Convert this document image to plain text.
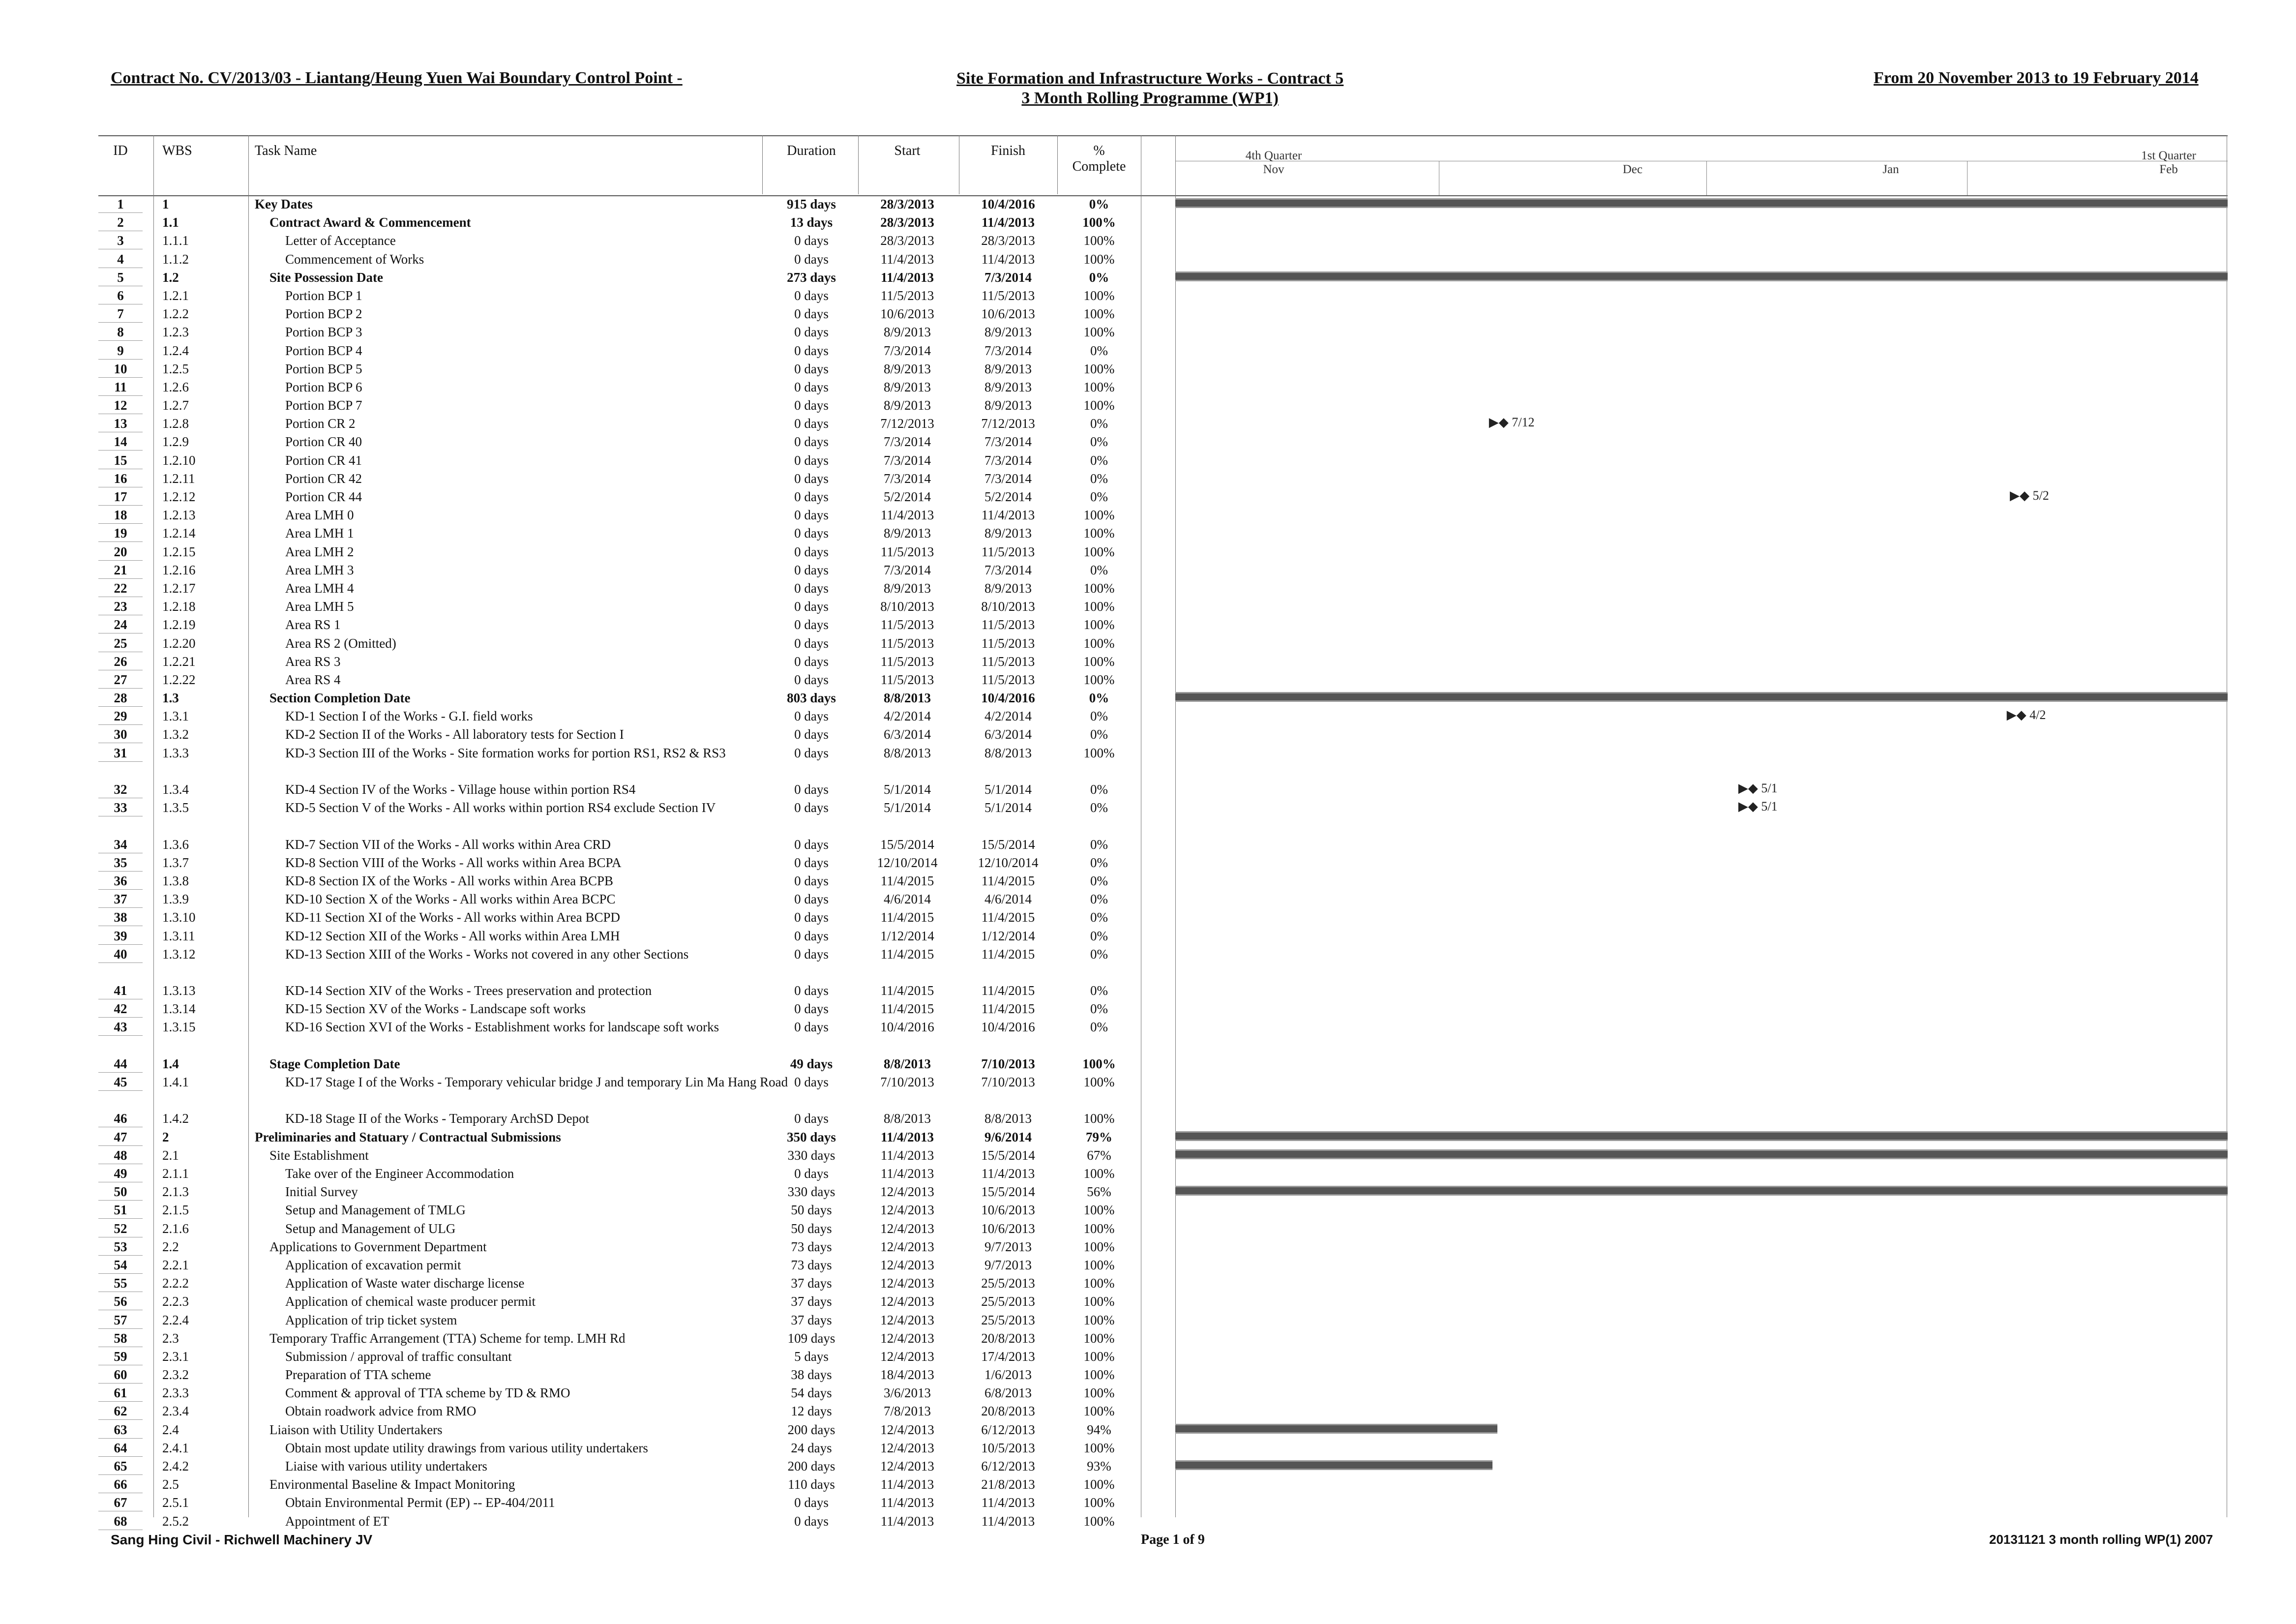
Contract No. CV/2013/03 - Liantang/Heung Yuen Wai Boundary Control Point -	Site Formation and Infrastructure Works - Contract 5
3 Month Rolling Programme (WP1)
From 20 November 2013 to 19 February 2014
ID	WBS	Task Name	Duration	Start	Finish	%
Complete
4th Quarter
Nov	Dec	Jan
1st Quarter
Feb
1	1	Key Dates	915 days	28/3/2013	10/4/2016	0%
2	1.1	Contract Award & Commencement	13 days	28/3/2013	11/4/2013	100%
3	1.1.1	Letter of Acceptance	0 days	28/3/2013	28/3/2013	100%
4	1.1.2	Commencement of Works	0 days	11/4/2013	11/4/2013	100%
5	1.2	Site Possession Date	273 days	11/4/2013	7/3/2014	0%
6	1.2.1	Portion BCP 1	0 days	11/5/2013	11/5/2013	100%
7	1.2.2	Portion BCP 2	0 days	10/6/2013	10/6/2013	100%
8	1.2.3	Portion BCP 3	0 days	8/9/2013	8/9/2013	100%
9	1.2.4	Portion BCP 4	0 days	7/3/2014	7/3/2014	0%
10	1.2.5	Portion BCP 5	0 days	8/9/2013	8/9/2013	100%
11	1.2.6	Portion BCP 6	0 days	8/9/2013	8/9/2013	100%
12	1.2.7	Portion BCP 7	0 days	8/9/2013	8/9/2013	100%
13	1.2.8	Portion CR 2	0 days	7/12/2013	7/12/2013	0%	▶◆ 7/12
14	1.2.9	Portion CR 40	0 days	7/3/2014	7/3/2014	0%
15	1.2.10	Portion CR 41	0 days	7/3/2014	7/3/2014	0%
16	1.2.11	Portion CR 42	0 days	7/3/2014	7/3/2014	0%
17	1.2.12	Portion CR 44	0 days	5/2/2014	5/2/2014	0%	▶◆ 5/2
18	1.2.13	Area LMH 0	0 days	11/4/2013	11/4/2013	100%
19	1.2.14	Area LMH 1	0 days	8/9/2013	8/9/2013	100%
20	1.2.15	Area LMH 2	0 days	11/5/2013	11/5/2013	100%
21	1.2.16	Area LMH 3	0 days	7/3/2014	7/3/2014	0%
22	1.2.17	Area LMH 4	0 days	8/9/2013	8/9/2013	100%
23	1.2.18	Area LMH 5	0 days	8/10/2013	8/10/2013	100%
24	1.2.19	Area RS 1	0 days	11/5/2013	11/5/2013	100%
25	1.2.20	Area RS 2 (Omitted)	0 days	11/5/2013	11/5/2013	100%
26	1.2.21	Area RS 3	0 days	11/5/2013	11/5/2013	100%
27	1.2.22	Area RS 4	0 days	11/5/2013	11/5/2013	100%
28	1.3	Section Completion Date	803 days	8/8/2013	10/4/2016	0%
29	1.3.1	KD-1 Section I of the Works - G.I. field works	0 days	4/2/2014	4/2/2014	0%	▶◆ 4/2
30	1.3.2	KD-2 Section II of the Works - All laboratory tests for Section I	0 days	6/3/2014	6/3/2014	0%
31	1.3.3	KD-3 Section III of the Works - Site formation works for portion RS1, RS2 & RS3	0 days	8/8/2013	8/8/2013	100%
32	1.3.4	KD-4 Section IV of the Works - Village house within portion RS4	0 days	5/1/2014	5/1/2014	0%	▶◆ 5/1
33	1.3.5	KD-5 Section V of the Works - All works within portion RS4 exclude Section IV	0 days	5/1/2014	5/1/2014	0%	▶◆ 5/1
34	1.3.6	KD-7 Section VII of the Works - All works within Area CRD	0 days	15/5/2014	15/5/2014	0%
35	1.3.7	KD-8 Section VIII of the Works - All works within Area BCPA	0 days	12/10/2014	12/10/2014	0%
36	1.3.8	KD-8 Section IX of the Works - All works within Area BCPB	0 days	11/4/2015	11/4/2015	0%
37	1.3.9	KD-10 Section X of the Works - All works within Area BCPC	0 days	4/6/2014	4/6/2014	0%
38	1.3.10	KD-11 Section XI of the Works - All works within Area BCPD	0 days	11/4/2015	11/4/2015	0%
39	1.3.11	KD-12 Section XII of the Works - All works within Area LMH	0 days	1/12/2014	1/12/2014	0%
40	1.3.12	KD-13 Section XIII of the Works - Works not covered in any other Sections	0 days	11/4/2015	11/4/2015	0%
41	1.3.13	KD-14 Section XIV of the Works - Trees preservation and protection	0 days	11/4/2015	11/4/2015	0%
42	1.3.14	KD-15 Section XV of the Works - Landscape soft works	0 days	11/4/2015	11/4/2015	0%
43	1.3.15	KD-16 Section XVI of the Works - Establishment works for landscape soft works	0 days	10/4/2016	10/4/2016	0%
44	1.4	Stage Completion Date	49 days	8/8/2013	7/10/2013	100%
45	1.4.1	KD-17 Stage I of the Works - Temporary vehicular bridge J and temporary Lin Ma Hang Road 0 days	7/10/2013	7/10/2013	100%
46	1.4.2	KD-18 Stage II of the Works - Temporary ArchSD Depot	0 days	8/8/2013	8/8/2013	100%
47	2	Preliminaries and Statuary / Contractual Submissions	350 days	11/4/2013	9/6/2014	79%
48	2.1	Site Establishment	330 days	11/4/2013	15/5/2014	67%
49	2.1.1	Take over of the Engineer Accommodation	0 days	11/4/2013	11/4/2013	100%
50	2.1.3	Initial Survey	330 days	12/4/2013	15/5/2014	56%
51	2.1.5	Setup and Management of TMLG	50 days	12/4/2013	10/6/2013	100%
52	2.1.6	Setup and Management of ULG	50 days	12/4/2013	10/6/2013	100%
53	2.2	Applications to Government Department	73 days	12/4/2013	9/7/2013	100%
54	2.2.1	Application of excavation permit	73 days	12/4/2013	9/7/2013	100%
55	2.2.2	Application of Waste water discharge license	37 days	12/4/2013	25/5/2013	100%
56	2.2.3	Application of chemical waste producer permit	37 days	12/4/2013	25/5/2013	100%
57	2.2.4	Application of trip ticket system	37 days	12/4/2013	25/5/2013	100%
58	2.3	Temporary Traffic Arrangement (TTA) Scheme for temp. LMH Rd	109 days	12/4/2013	20/8/2013	100%
59	2.3.1	Submission / approval of traffic consultant	5 days	12/4/2013	17/4/2013	100%
60	2.3.2	Preparation of TTA scheme	38 days	18/4/2013	1/6/2013	100%
61	2.3.3	Comment & approval of TTA scheme by TD & RMO	54 days	3/6/2013	6/8/2013	100%
62	2.3.4	Obtain roadwork advice from RMO	12 days	7/8/2013	20/8/2013	100%
63	2.4	Liaison with Utility Undertakers	200 days	12/4/2013	6/12/2013	94%
64	2.4.1	Obtain most update utility drawings from various utility undertakers	24 days	12/4/2013	10/5/2013	100%
65	2.4.2	Liaise with various utility undertakers	200 days	12/4/2013	6/12/2013	93%
66	2.5	Environmental Baseline & Impact Monitoring	110 days	11/4/2013	21/8/2013	100%
67	2.5.1	Obtain Environmental Permit (EP) -- EP-404/2011	0 days	11/4/2013	11/4/2013	100%
68	2.5.2	Appointment of ET	0 days	11/4/2013	11/4/2013	100%
Sang Hing Civil - Richwell Machinery JV	Page 1 of 9	20131121 3 month rolling WP(1) 2007
